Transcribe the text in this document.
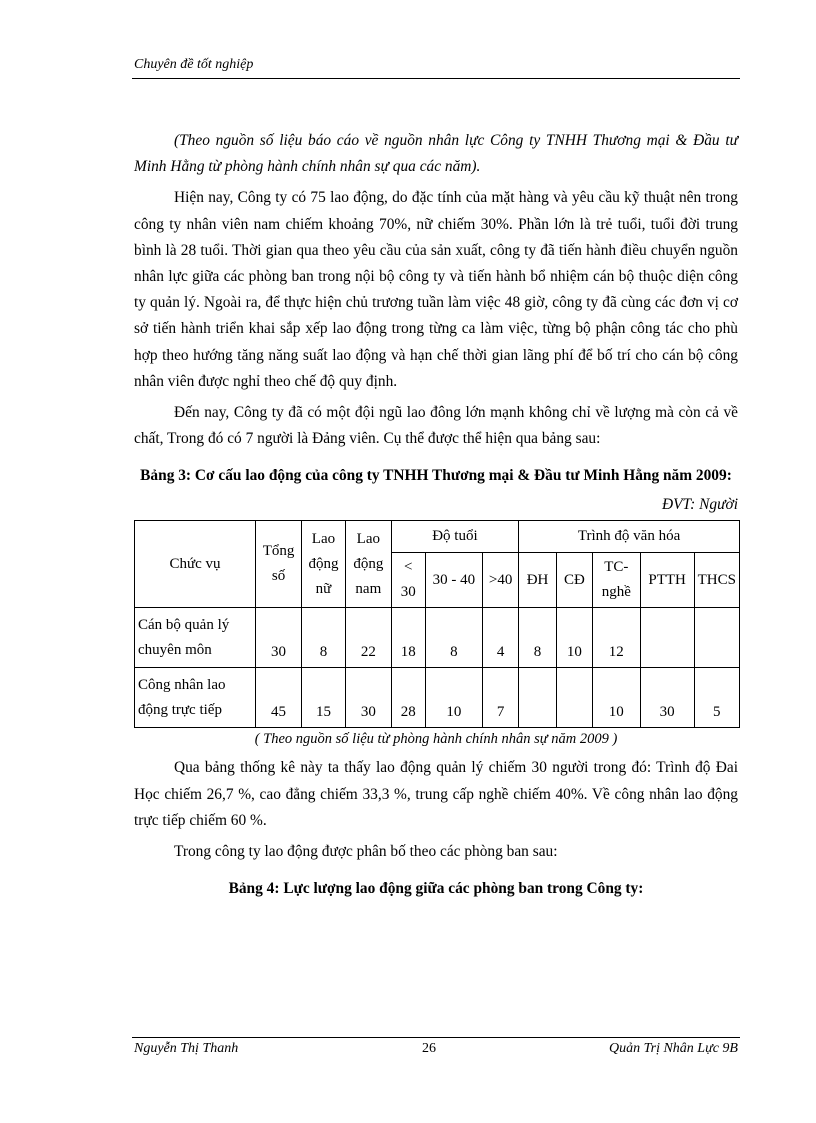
Chuyên đề tốt nghiệp

(Theo nguồn số liệu báo cáo về nguồn nhân lực Công ty TNHH Thương mại & Đầu tư Minh Hằng từ phòng hành chính nhân sự qua các năm).

Hiện nay, Công ty có 75 lao động, do đặc tính của mặt hàng và yêu cầu kỹ thuật nên trong công ty nhân viên nam chiếm khoảng 70%, nữ chiếm 30%. Phần lớn là trẻ tuổi, tuổi đời trung bình là 28 tuổi. Thời gian qua theo yêu cầu của sản xuất, công ty đã tiến hành điều chuyển nguồn nhân lực giữa các phòng ban trong nội bộ công ty và tiến hành bổ nhiệm cán bộ thuộc diện công ty quản lý. Ngoài ra, để thực hiện chủ trương tuần làm việc 48 giờ, công ty đã cùng các đơn vị cơ sở tiến hành triển khai sắp xếp lao động trong từng ca làm việc, từng bộ phận công tác cho phù hợp theo hướng tăng năng suất lao động và hạn chế thời gian lãng phí để bố trí cho cán bộ công nhân viên được nghỉ theo chế độ quy định.

Đến nay, Công ty đã có một đội ngũ lao đông lớn mạnh không chỉ về lượng mà còn cả về chất, Trong đó có 7 người là Đảng viên. Cụ thể được thể hiện qua bảng sau:

Bảng 3: Cơ cấu lao động của công ty TNHH Thương mại & Đầu tư Minh Hằng năm 2009:

ĐVT: Người

Chức vụ	Tổng số	Lao động nữ	Lao động nam	Độ tuổi			Trình độ văn hóa				
				< 30	30 - 40	>40	ĐH	CĐ	TC-nghề	PTTH	THCS
Cán bộ quản lý chuyên môn	30	8	22	18	8	4	8	10	12		
Công nhân lao động trực tiếp	45	15	30	28	10	7			10	30	5

( Theo nguồn số liệu từ phòng hành chính nhân sự năm 2009 )

Qua bảng thống kê này ta thấy lao động quản lý chiếm 30 người trong đó: Trình độ Đai Học chiếm 26,7 %, cao đẳng chiếm 33,3 %, trung cấp nghề chiếm 40%. Về công nhân lao động trực tiếp chiếm 60 %.

Trong công ty lao động được phân bố theo các phòng ban sau:

Bảng 4: Lực lượng lao động giữa các phòng ban trong Công ty:

Nguyễn Thị Thanh	26	Quản Trị Nhân Lực 9B
